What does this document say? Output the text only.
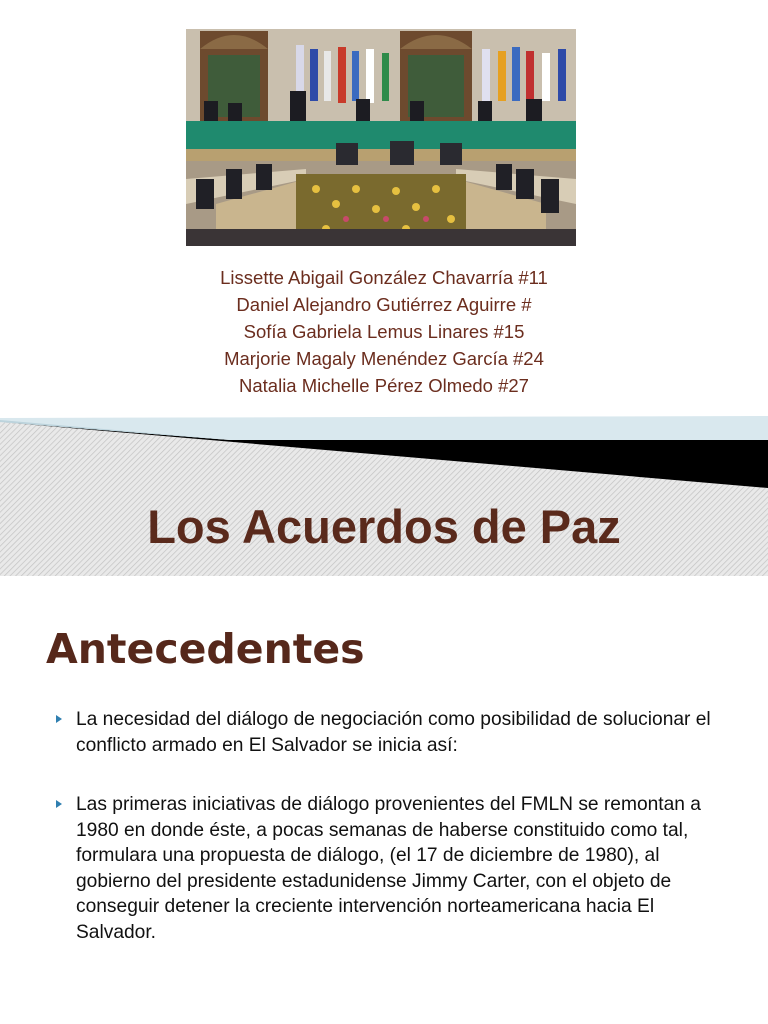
Lissette Abigail González Chavarría #11
Daniel Alejandro Gutiérrez Aguirre #
Sofía Gabriela Lemus Linares #15
Marjorie Magaly Menéndez García #24
Natalia Michelle Pérez Olmedo #27
Los Acuerdos de Paz
Antecedentes
La necesidad del diálogo de negociación como posibilidad de solucionar el conflicto armado en El Salvador se inicia así:
Las primeras iniciativas de diálogo provenientes del FMLN se remontan a 1980 en donde éste, a pocas semanas de haberse constituido como tal, formulara una propuesta de diálogo, (el 17 de diciembre de 1980), al gobierno del presidente estadunidense Jimmy Carter, con el objeto de conseguir detener la creciente intervención norteamericana hacia El Salvador.
